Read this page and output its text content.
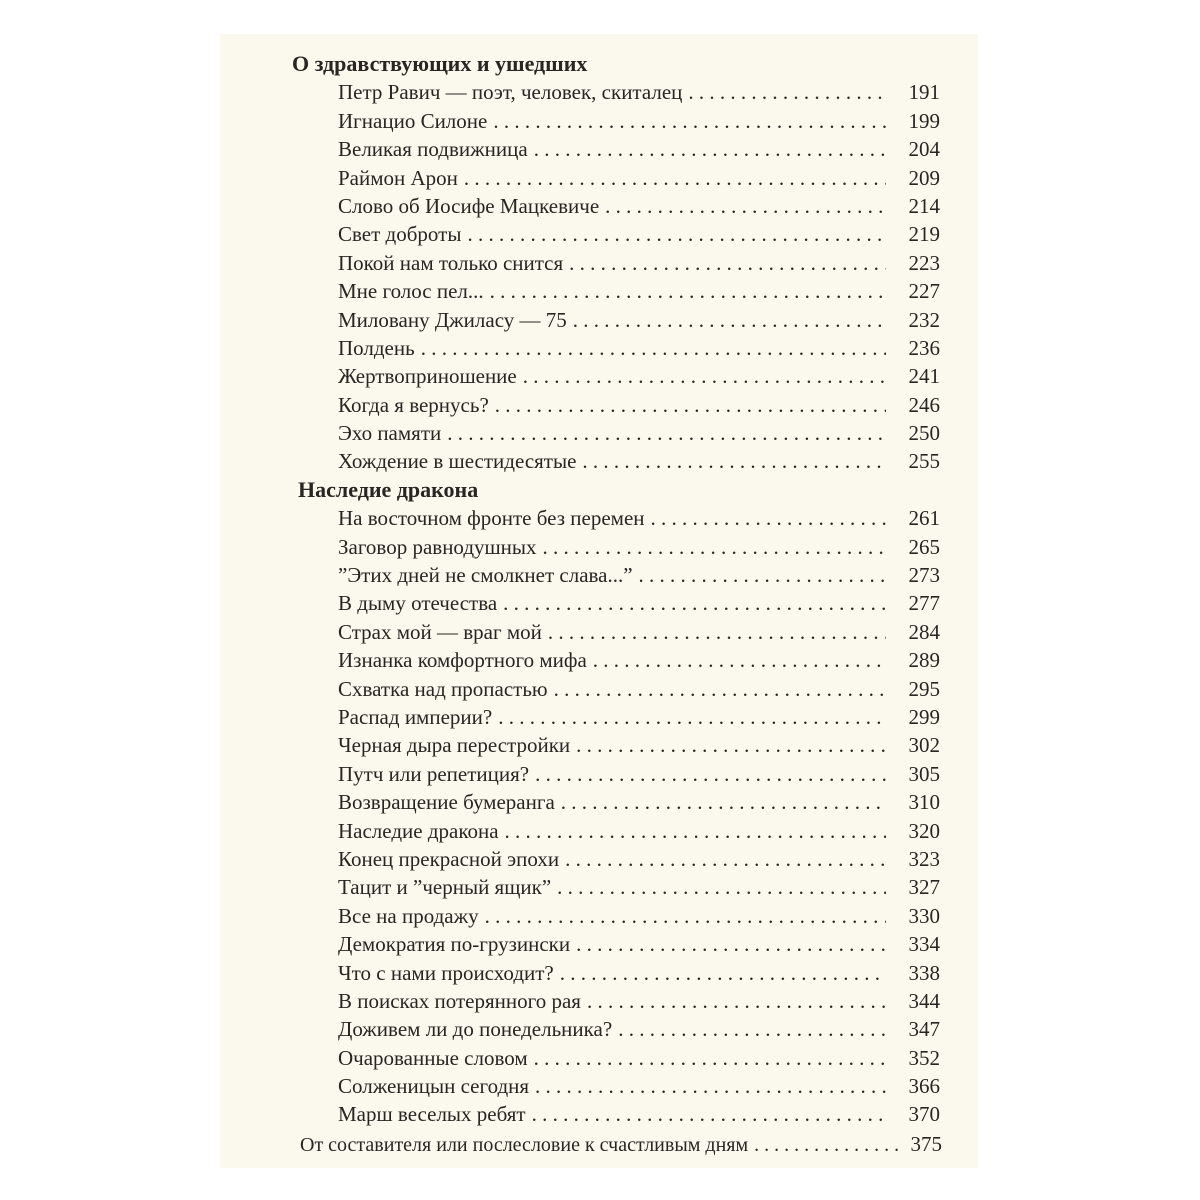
О здравствующих и ушедших
Петр Равич — поэт, человек, скиталец . . .	191
Игнацио Силоне . . .	199
Великая подвижница . . .	204
Раймон Арон . . .	209
Слово об Иосифе Мацкевиче . . .	214
Свет доброты . . .	219
Покой нам только снится . . .	223
Мне голос пел... . . .	227
Миловану Джиласу — 75 . . .	232
Полдень . . .	236
Жертвоприношение . . .	241
Когда я вернусь? . . .	246
Эхо памяти . . .	250
Хождение в шестидесятые . . .	255
Наследие дракона
На восточном фронте без перемен . . .	261
Заговор равнодушных . . .	265
”Этих дней не смолкнет слава...” . . .	273
В дыму отечества . . .	277
Страх мой — враг мой . . .	284
Изнанка комфортного мифа . . .	289
Схватка над пропастью . . .	295
Распад империи? . . .	299
Черная дыра перестройки . . .	302
Путч или репетиция? . . .	305
Возвращение бумеранга . . .	310
Наследие дракона . . .	320
Конец прекрасной эпохи . . .	323
Тацит и ”черный ящик” . . .	327
Все на продажу . . .	330
Демократия по-грузински . . .	334
Что с нами происходит? . . .	338
В поисках потерянного рая . . .	344
Доживем ли до понедельника? . . .	347
Очарованные словом . . .	352
Солженицын сегодня . . .	366
Марш веселых ребят . . .	370
От составителя или послесловие к счастливым дням . . .	375
